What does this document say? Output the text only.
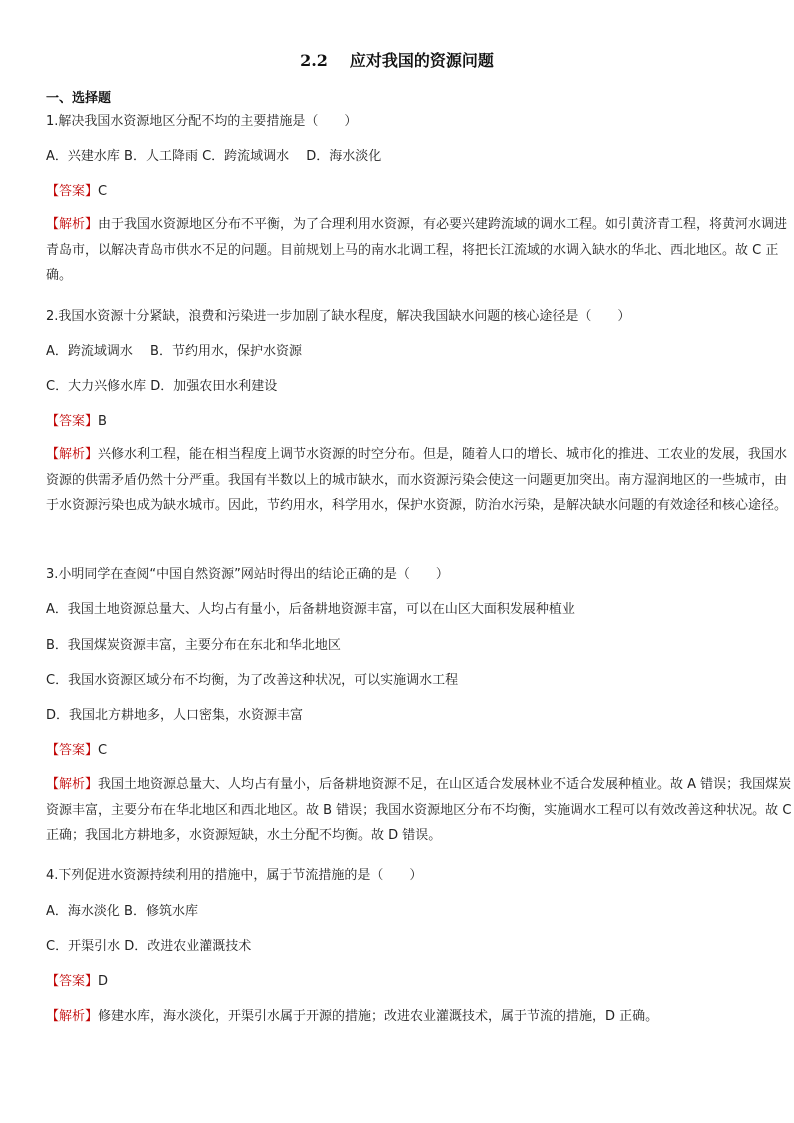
2.2 应对我国的资源问题
一、选择题
1.解决我国水资源地区分配不均的主要措施是（　　）
A．兴建水库 B．人工降雨 C．跨流域调水　 D．海水淡化
【答案】C
【解析】由于我国水资源地区分布不平衡，为了合理利用水资源，有必要兴建跨流域的调水工程。如引黄济青工程，将黄河水调进青岛市，以解决青岛市供水不足的问题。目前规划上马的南水北调工程，将把长江流域的水调入缺水的华北、西北地区。故 C 正确。
2.我国水资源十分紧缺，浪费和污染进一步加剧了缺水程度，解决我国缺水问题的核心途径是（　　）
A．跨流域调水　 B．节约用水，保护水资源
C．大力兴修水库 D．加强农田水利建设
【答案】B
【解析】兴修水利工程，能在相当程度上调节水资源的时空分布。但是，随着人口的增长、城市化的推进、工农业的发展，我国水资源的供需矛盾仍然十分严重。我国有半数以上的城市缺水，而水资源污染会使这一问题更加突出。南方湿润地区的一些城市，由于水资源污染也成为缺水城市。因此，节约用水，科学用水，保护水资源，防治水污染，是解决缺水问题的有效途径和核心途径。
3.小明同学在查阅“中国自然资源”网站时得出的结论正确的是（　　）
A．我国土地资源总量大、人均占有量小，后备耕地资源丰富，可以在山区大面积发展种植业
B．我国煤炭资源丰富，主要分布在东北和华北地区
C．我国水资源区域分布不均衡，为了改善这种状况，可以实施调水工程
D．我国北方耕地多，人口密集，水资源丰富
【答案】C
【解析】我国土地资源总量大、人均占有量小，后备耕地资源不足，在山区适合发展林业不适合发展种植业。故 A 错误；我国煤炭资源丰富，主要分布在华北地区和西北地区。故 B 错误；我国水资源地区分布不均衡，实施调水工程可以有效改善这种状况。故 C 正确；我国北方耕地多，水资源短缺，水土分配不均衡。故 D 错误。
4.下列促进水资源持续利用的措施中，属于节流措施的是（　　）
A．海水淡化 B．修筑水库
C．开渠引水 D．改进农业灌溉技术
【答案】D
【解析】修建水库，海水淡化，开渠引水属于开源的措施；改进农业灌溉技术，属于节流的措施，D 正确。
